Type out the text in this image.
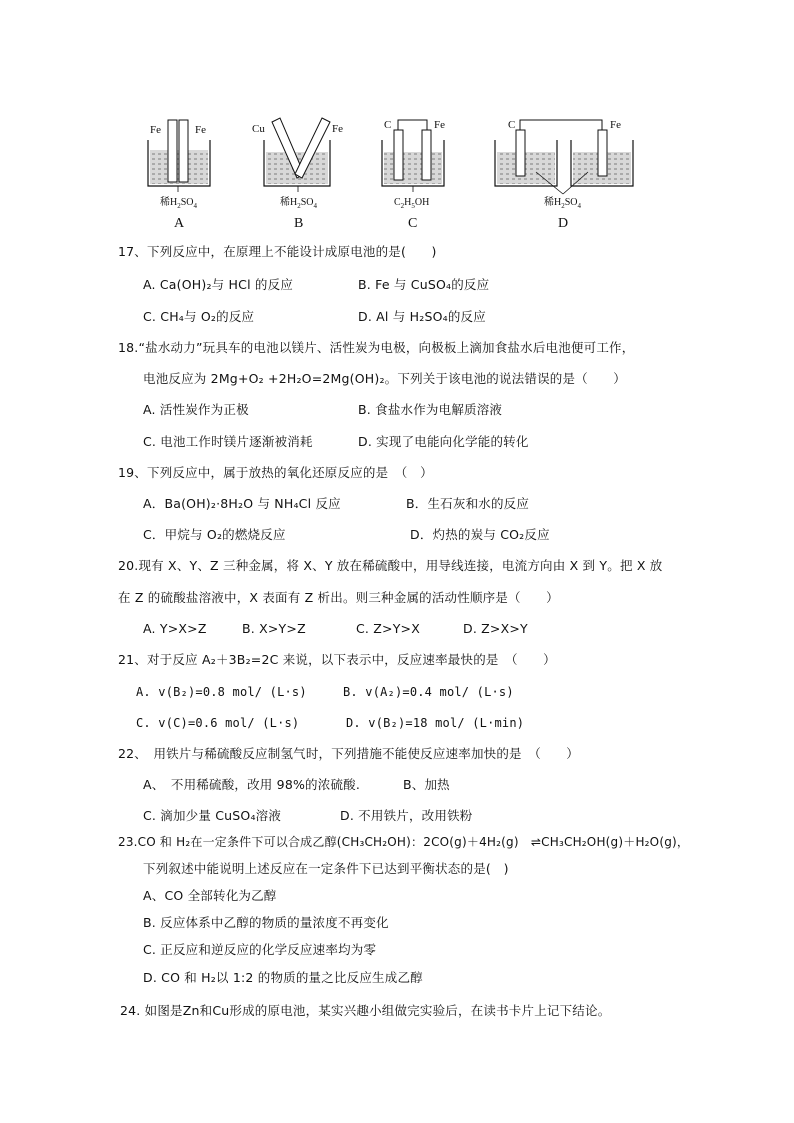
Fe	Fe
稀$H_2SO_4$
A
Cu	Fe
稀$H_2SO_4$
B
C	Fe
$C_2H_5OH$
C
C	Fe
稀$H_2SO_4$
D
17、下列反应中，在原理上不能设计成原电池的是(　　)
A. Ca(OH)₂与 HCl 的反应	B. Fe 与 CuSO₄的反应
C. CH₄与 O₂的反应	D. Al 与 H₂SO₄的反应
18.“盐水动力”玩具车的电池以镁片、活性炭为电极，向极板上滴加食盐水后电池便可工作，
电池反应为 2Mg+O₂ +2H₂O=2Mg(OH)₂。下列关于该电池的说法错误的是（　　）
A. 活性炭作为正极	B. 食盐水作为电解质溶液
C. 电池工作时镁片逐渐被消耗	D. 实现了电能向化学能的转化
19、下列反应中，属于放热的氧化还原反应的是　（　）
A．Ba(OH)₂·8H₂O 与 NH₄Cl 反应	B．生石灰和水的反应
C．甲烷与 O₂的燃烧反应	D．灼热的炭与 CO₂反应
20.现有 X、Y、Z 三种金属，将 X、Y 放在稀硫酸中，用导线连接，电流方向由 X 到 Y。把 X 放
在 Z 的硫酸盐溶液中，X 表面有 Z 析出。则三种金属的活动性顺序是（　　）
A. Y>X>Z	B. X>Y>Z	C. Z>Y>X	D. Z>X>Y
21、对于反应 A₂＋3B₂=2C 来说，以下表示中，反应速率最快的是　（　　）
A. v(B₂)=0.8 mol/ (L·s)	B. v(A₂)=0.4 mol/ (L·s)
C. v(C)=0.6 mol/ (L·s)	D. v(B₂)=18 mol/ (L·min)
22、　用铁片与稀硫酸反应制氢气时，下列措施不能使反应速率加快的是　（　　）
A、　不用稀硫酸，改用 98%的浓硫酸.	B、加热
C. 滴加少量 CuSO₄溶液	D. 不用铁片，改用铁粉
23.CO 和 H₂在一定条件下可以合成乙醇(CH₃CH₂OH)：2CO(g)＋4H₂(g)　⇌CH₃CH₂OH(g)＋H₂O(g)，
下列叙述中能说明上述反应在一定条件下已达到平衡状态的是(　)
A、CO 全部转化为乙醇
B. 反应体系中乙醇的物质的量浓度不再变化
C. 正反应和逆反应的化学反应速率均为零
D. CO 和 H₂以 1:2 的物质的量之比反应生成乙醇
24. 如图是Zn和Cu形成的原电池，某实兴趣小组做完实验后，在读书卡片上记下结论。
